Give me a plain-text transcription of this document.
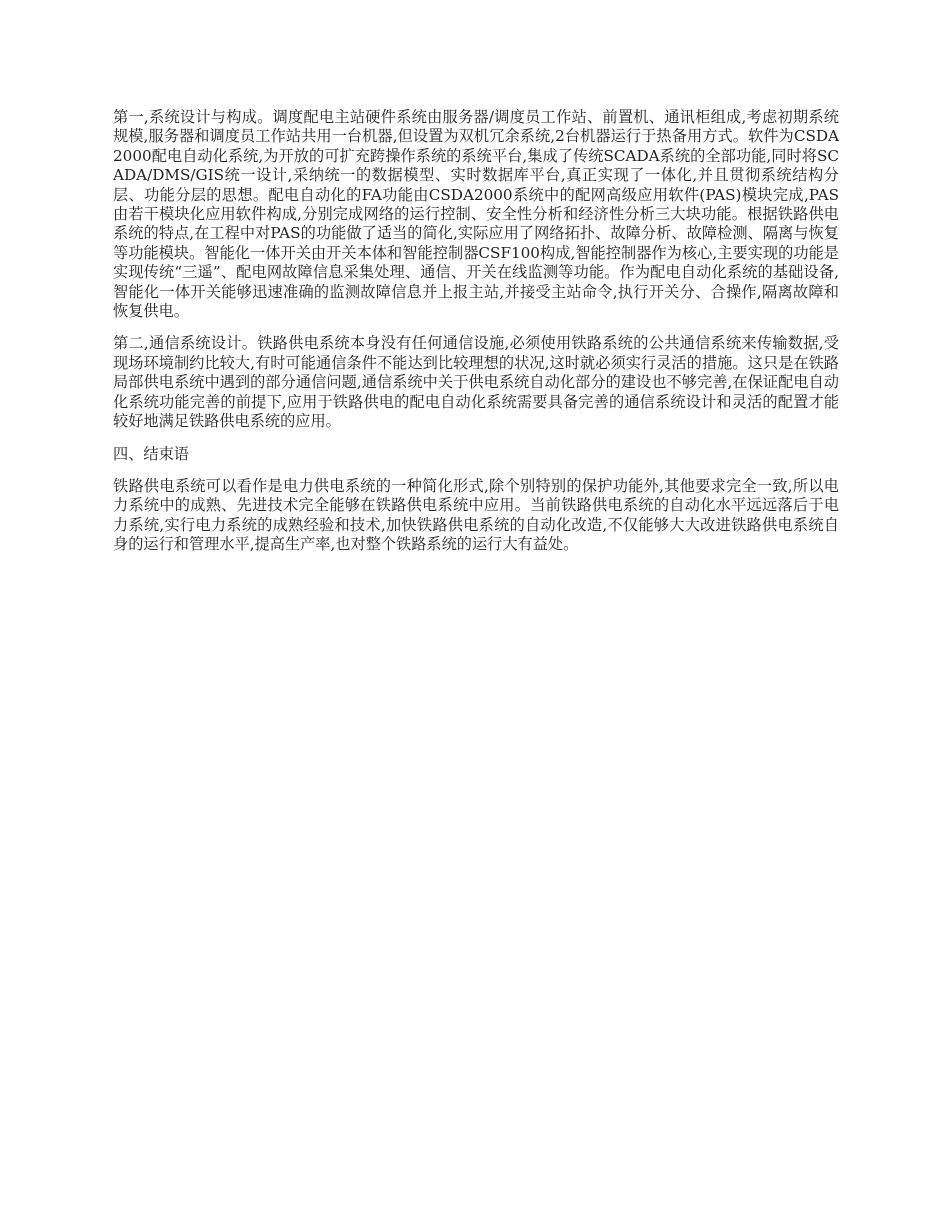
第一,系统设计与构成。调度配电主站硬件系统由服务器/调度员工作站、前置机、通讯柜组成,考虑初期系统规模,服务器和调度员工作站共用一台机器,但设置为双机冗余系统,2台机器运行于热备用方式。软件为CSDA2000配电自动化系统,为开放的可扩充跨操作系统的系统平台,集成了传统SCADA系统的全部功能,同时将SCADA/DMS/GIS统一设计,采纳统一的数据模型、实时数据库平台,真正实现了一体化,并且贯彻系统结构分层、功能分层的思想。配电自动化的FA功能由CSDA2000系统中的配网高级应用软件(PAS)模块完成,PAS由若干模块化应用软件构成,分别完成网络的运行控制、安全性分析和经济性分析三大块功能。根据铁路供电系统的特点,在工程中对PAS的功能做了适当的简化,实际应用了网络拓扑、故障分析、故障检测、隔离与恢复等功能模块。智能化一体开关由开关本体和智能控制器CSF100构成,智能控制器作为核心,主要实现的功能是实现传统“三遥”、配电网故障信息采集处理、通信、开关在线监测等功能。作为配电自动化系统的基础设备,智能化一体开关能够迅速准确的监测故障信息并上报主站,并接受主站命令,执行开关分、合操作,隔离故障和恢复供电。

第二,通信系统设计。铁路供电系统本身没有任何通信设施,必须使用铁路系统的公共通信系统来传输数据,受现场环境制约比较大,有时可能通信条件不能达到比较理想的状况,这时就必须实行灵活的措施。这只是在铁路局部供电系统中遇到的部分通信问题,通信系统中关于供电系统自动化部分的建设也不够完善,在保证配电自动化系统功能完善的前提下,应用于铁路供电的配电自动化系统需要具备完善的通信系统设计和灵活的配置才能较好地满足铁路供电系统的应用。

四、结束语

铁路供电系统可以看作是电力供电系统的一种简化形式,除个别特别的保护功能外,其他要求完全一致,所以电力系统中的成熟、先进技术完全能够在铁路供电系统中应用。当前铁路供电系统的自动化水平远远落后于电力系统,实行电力系统的成熟经验和技术,加快铁路供电系统的自动化改造,不仅能够大大改进铁路供电系统自身的运行和管理水平,提高生产率,也对整个铁路系统的运行大有益处。
